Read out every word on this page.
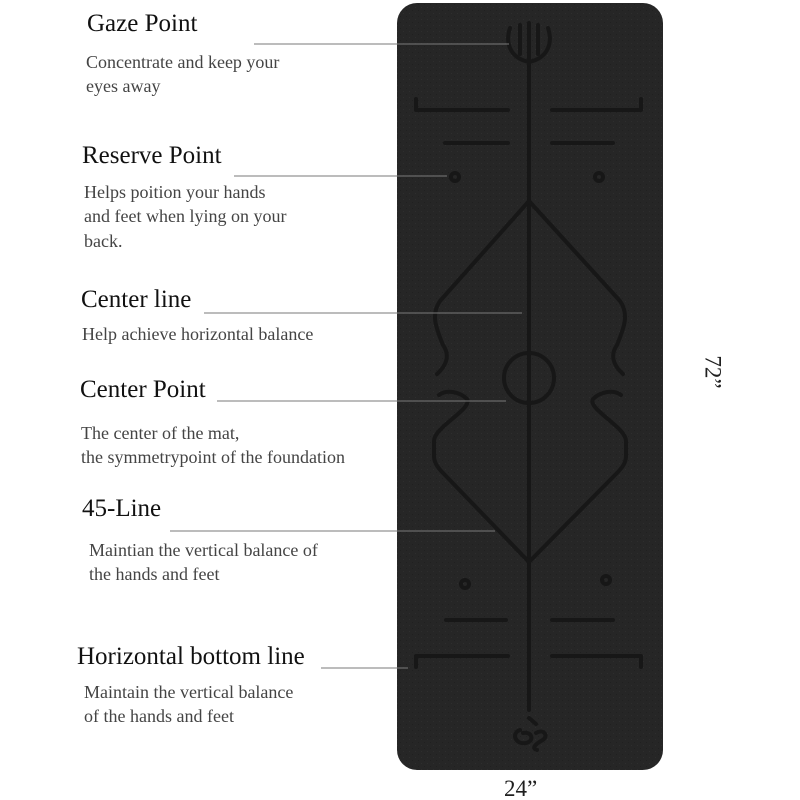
Gaze Point
Concentrate and keep your
eyes away
Reserve Point
Helps poition your hands
and feet when lying on your
back.
Center line
Help achieve horizontal balance
Center Point
The center of the mat,
the symmetrypoint of the foundation
45-Line
Maintian the vertical balance of
the hands and feet
Horizontal bottom line
Maintain the vertical balance
of the hands and feet
72”
24”
